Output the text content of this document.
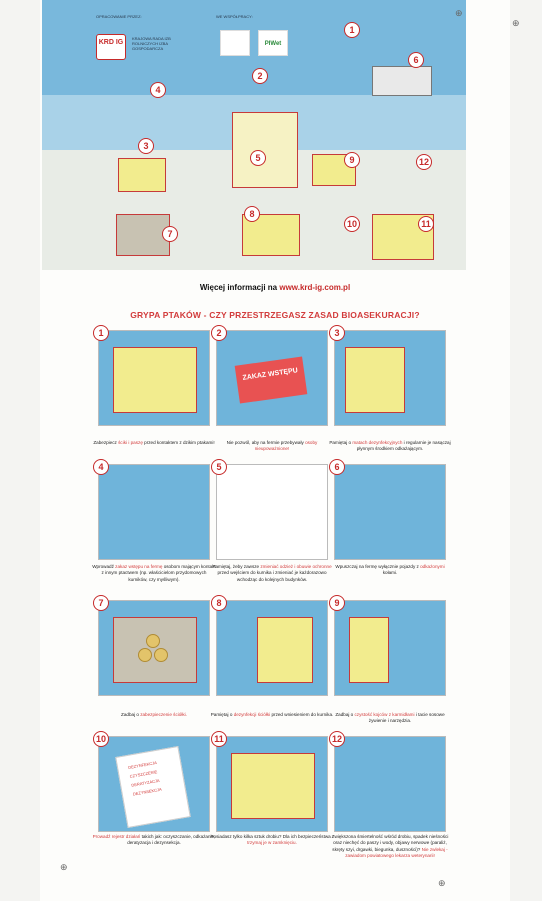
OPRACOWANIE PRZEZ:
KRD IG
KRAJOWA RADA IZB ROLNICZYCH IZBA GOSPODARCZA
WE WSPÓŁPRACY:
PIWet
1
2
3
4
5
6
7
8
9
10	11
12
Więcej informacji na www.krd-ig.com.pl
GRYPA PTAKÓW - CZY PRZESTRZEGASZ ZASAD BIOASEKURACJI?
1
Zabezpiecz ściki i paszę przed kontaktem z dzikim ptakami!
ZAKAZ WSTĘPU
2
Nie pozwól, aby na fermie przebywały osoby nieupoważnione!
3
Pamiętaj o matach dezynfekcyjnych i regularnie je nasączaj płynnym środkiem odkażającym.
4
Wprowadź zakaz wstępu na fermę osobom mającym kontakt z innym ptactwem (np. właścicielom przydomowych kurników, czy myśliwym).
5
Pamiętaj, żeby zawsze zmieniać odzież i obuwie ochronne przed wejściem do kurnika i zmieniać je każdorazowo wchodząc do kolejnych budynków.
6
Wpuszczaj na fermę wyłącznie pojazdy z odkażonymi kołami.
7
Zadbaj o zabezpieczenie ściółki.
8
Pamiętaj o dezynfekcji ściółki przed wniesieniem do kurnika.
9
Zadbaj o czystość kojców z karmidłami i tacie sosowe żywienie i narzędzia.
DEZYNFEKCJA
CZYSZCZENIE
DERATYZACJA
DEZYNSEKCJA
10
Prowadź rejestr działań takich jak: oczyszczanie, odkażanie, deratyzacja i dezynsekcja.
11
Posiadasz tylko kilka sztuk drobiu? Dla ich bezpieczeństwa - trzymaj je w zamknięciu.
12
Zwiększona śmiertelność wśród drobiu, spadek nieśności oraz niechęć do paszy i wody, objawy nerwowe (paraliż, skręty szyi, drgawki, biegunka, duszności)? Nie zwlekaj - zawiadom powiatowego lekarza weterynarii!
⊕
⊕
⊕
⊕
